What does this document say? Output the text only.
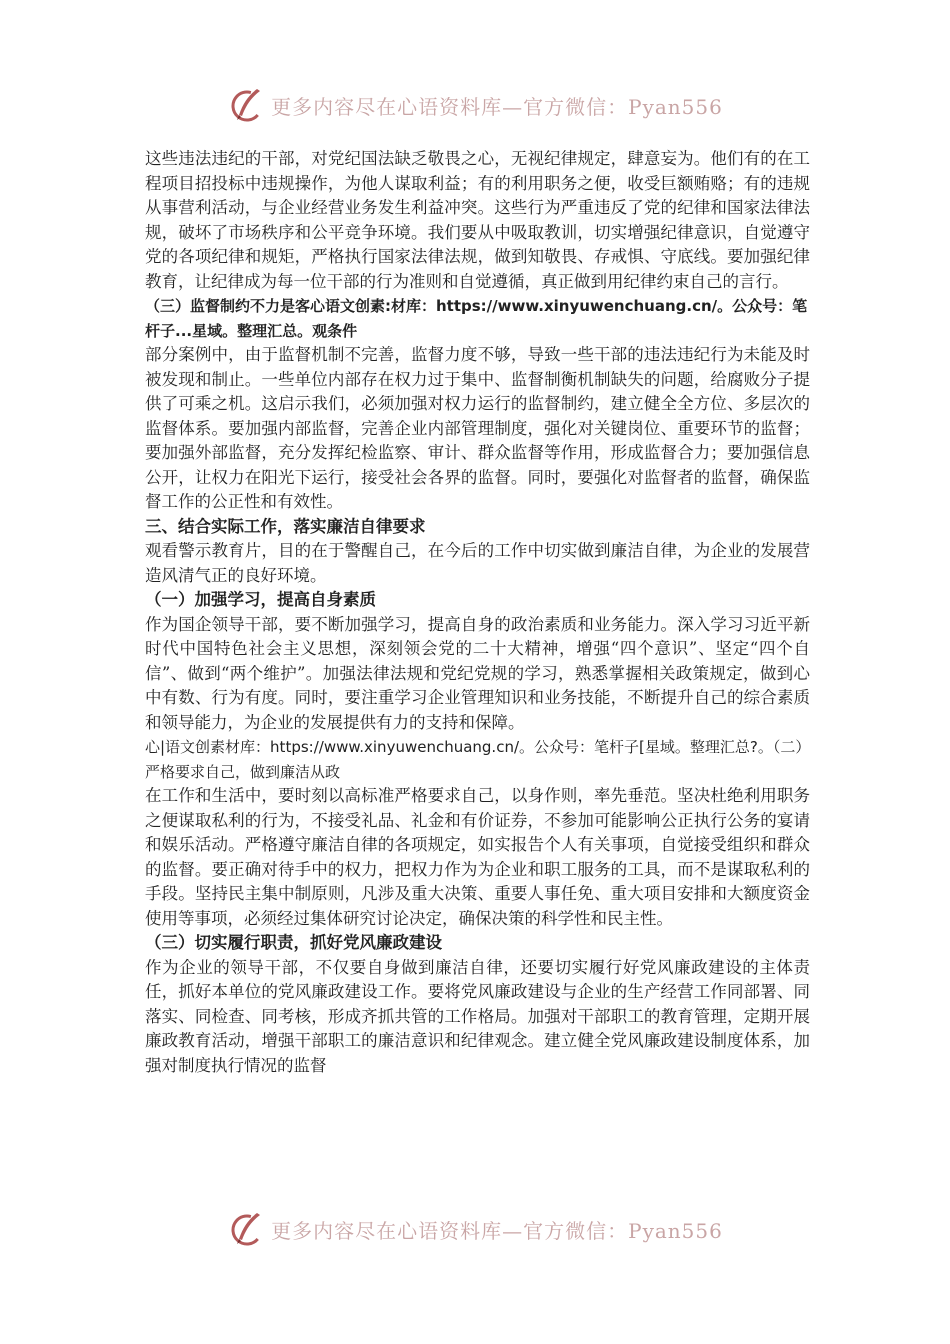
更多内容尽在心语资料库—官方微信：Pyan556

这些违法违纪的干部，对党纪国法缺乏敬畏之心，无视纪律规定，肆意妄为。他们有的在工程项目招投标中违规操作，为他人谋取利益；有的利用职务之便，收受巨额贿赂；有的违规从事营利活动，与企业经营业务发生利益冲突。这些行为严重违反了党的纪律和国家法律法规，破坏了市场秩序和公平竞争环境。我们要从中吸取教训，切实增强纪律意识，自觉遵守党的各项纪律和规矩，严格执行国家法律法规，做到知敬畏、存戒惧、守底线。要加强纪律教育，让纪律成为每一位干部的行为准则和自觉遵循，真正做到用纪律约束自己的言行。

（三）监督制约不力是客心语文创素:材库：https://www.xinyuwenchuang.cn/。公众号：笔杆子...星域。整理汇总。观条件

部分案例中，由于监督机制不完善，监督力度不够，导致一些干部的违法违纪行为未能及时被发现和制止。一些单位内部存在权力过于集中、监督制衡机制缺失的问题，给腐败分子提供了可乘之机。这启示我们，必须加强对权力运行的监督制约，建立健全全方位、多层次的监督体系。要加强内部监督，完善企业内部管理制度，强化对关键岗位、重要环节的监督；要加强外部监督，充分发挥纪检监察、审计、群众监督等作用，形成监督合力；要加强信息公开，让权力在阳光下运行，接受社会各界的监督。同时，要强化对监督者的监督，确保监督工作的公正性和有效性。

三、结合实际工作，落实廉洁自律要求

观看警示教育片，目的在于警醒自己，在今后的工作中切实做到廉洁自律，为企业的发展营造风清气正的良好环境。

（一）加强学习，提高自身素质

作为国企领导干部，要不断加强学习，提高自身的政治素质和业务能力。深入学习习近平新时代中国特色社会主义思想，深刻领会党的二十大精神，增强“四个意识”、坚定“四个自信”、做到“两个维护”。加强法律法规和党纪党规的学习，熟悉掌握相关政策规定，做到心中有数、行为有度。同时，要注重学习企业管理知识和业务技能，不断提升自己的综合素质和领导能力，为企业的发展提供有力的支持和保障。

心|语文创素材库：https://www.xinyuwenchuang.cn/。公众号：笔杆子[星域。整理汇总?。（二）严格要求自己，做到廉洁从政

在工作和生活中，要时刻以高标准严格要求自己，以身作则，率先垂范。坚决杜绝利用职务之便谋取私利的行为，不接受礼品、礼金和有价证券，不参加可能影响公正执行公务的宴请和娱乐活动。严格遵守廉洁自律的各项规定，如实报告个人有关事项，自觉接受组织和群众的监督。要正确对待手中的权力，把权力作为为企业和职工服务的工具，而不是谋取私利的手段。坚持民主集中制原则，凡涉及重大决策、重要人事任免、重大项目安排和大额度资金使用等事项，必须经过集体研究讨论决定，确保决策的科学性和民主性。

（三）切实履行职责，抓好党风廉政建设

作为企业的领导干部，不仅要自身做到廉洁自律，还要切实履行好党风廉政建设的主体责任，抓好本单位的党风廉政建设工作。要将党风廉政建设与企业的生产经营工作同部署、同落实、同检查、同考核，形成齐抓共管的工作格局。加强对干部职工的教育管理，定期开展廉政教育活动，增强干部职工的廉洁意识和纪律观念。建立健全党风廉政建设制度体系，加强对制度执行情况的监督

更多内容尽在心语资料库—官方微信：Pyan556
